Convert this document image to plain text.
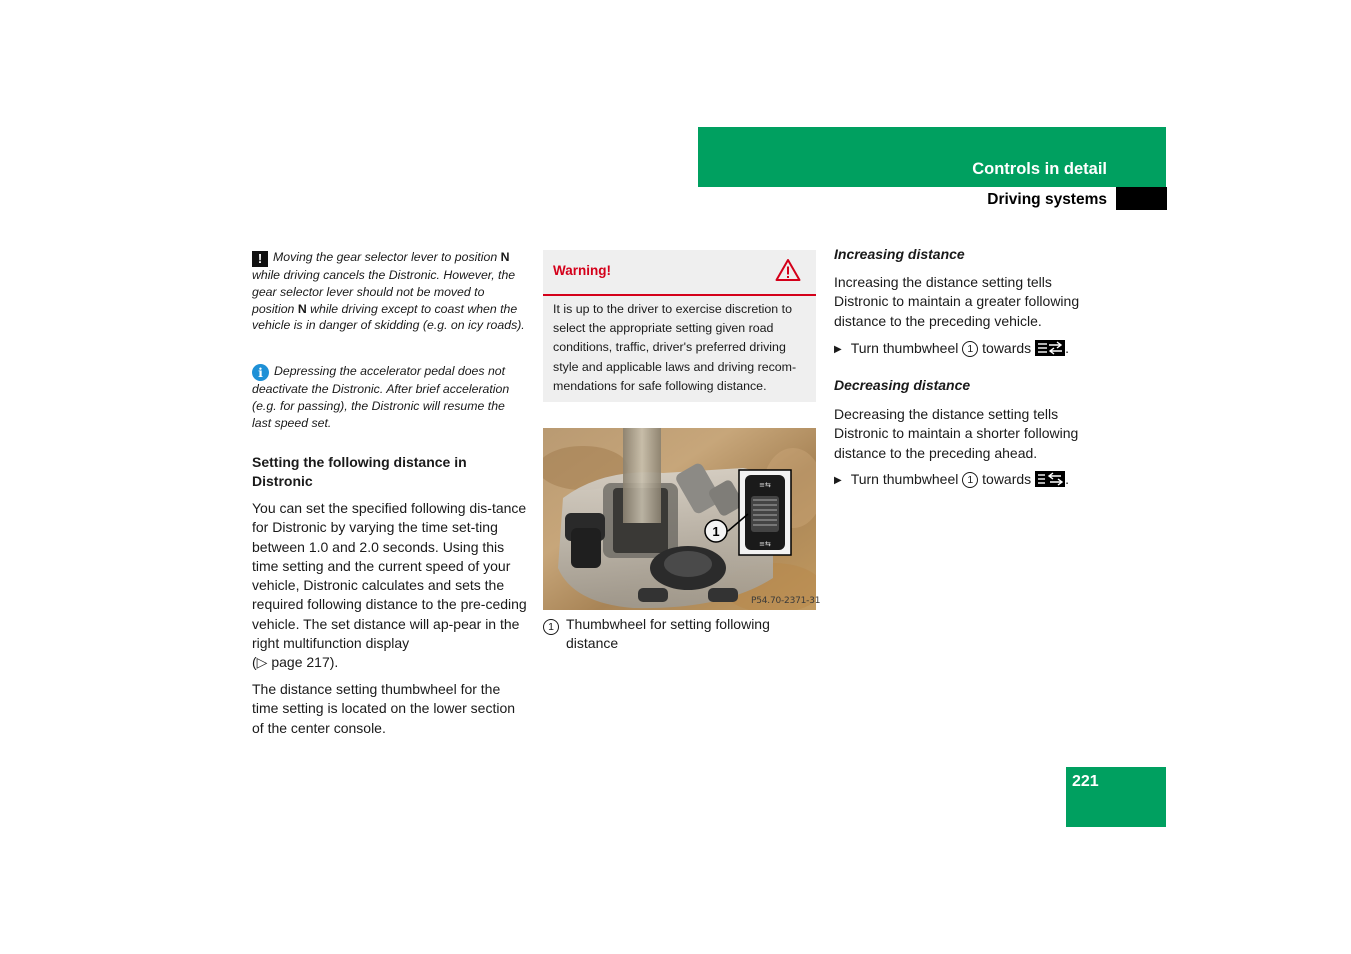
Controls in detail
Driving systems
! Moving the gear selector lever to position N while driving cancels the Distronic. However, the gear selector lever should not be moved to position N while driving except to coast when the vehicle is in danger of skidding (e.g. on icy roads).
i Depressing the accelerator pedal does not deactivate the Distronic. After brief acceleration (e.g. for passing), the Distronic will resume the last speed set.
Setting the following distance in Distronic
You can set the specified following dis-tance for Distronic by varying the time set-ting between 1.0 and 2.0 seconds. Using this time setting and the current speed of your vehicle, Distronic calculates and sets the required following distance to the pre-ceding vehicle. The set distance will ap-pear in the right multifunction display
(▷ page 217).
The distance setting thumbwheel for the time setting is located on the lower section of the center console.
Warning!
It is up to the driver to exercise discretion to select the appropriate setting given road conditions, traffic, driver's preferred driving style and applicable laws and driving recom-mendations for safe following distance.
≡⇆
≡⇆
1
P54.70-2371-31
1 Thumbwheel for setting following distance
Increasing distance
Increasing the distance setting tells Distronic to maintain a greater following distance to the preceding vehicle.
▶ Turn thumbwheel 1 towards .
Decreasing distance
Decreasing the distance setting tells Distronic to maintain a shorter following distance to the preceding ahead.
▶ Turn thumbwheel 1 towards .
221
